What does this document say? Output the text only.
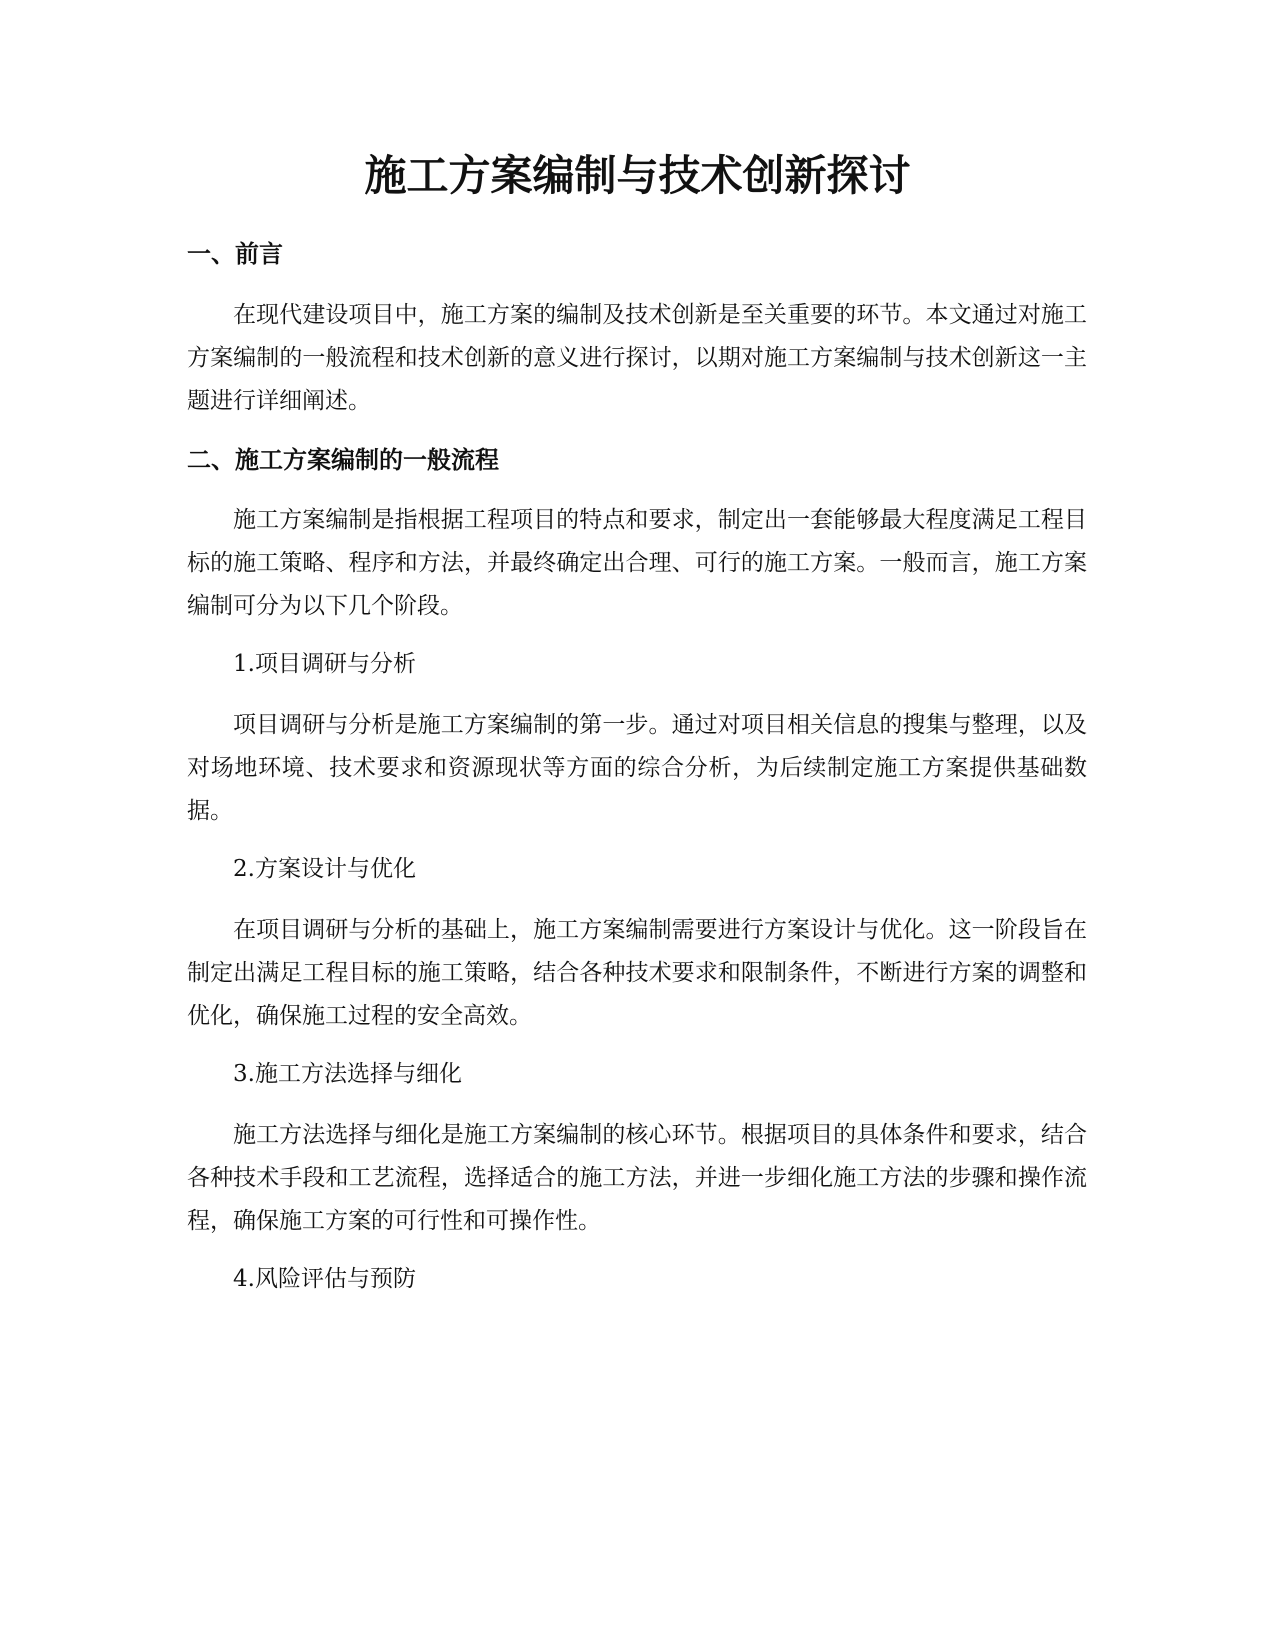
施工方案编制与技术创新探讨
一、前言

在现代建设项目中，施工方案的编制及技术创新是至关重要的环节。本文通过对施工方案编制的一般流程和技术创新的意义进行探讨，以期对施工方案编制与技术创新这一主题进行详细阐述。

二、施工方案编制的一般流程

施工方案编制是指根据工程项目的特点和要求，制定出一套能够最大程度满足工程目标的施工策略、程序和方法，并最终确定出合理、可行的施工方案。一般而言，施工方案编制可分为以下几个阶段。

1.项目调研与分析

项目调研与分析是施工方案编制的第一步。通过对项目相关信息的搜集与整理，以及对场地环境、技术要求和资源现状等方面的综合分析，为后续制定施工方案提供基础数据。

2.方案设计与优化

在项目调研与分析的基础上，施工方案编制需要进行方案设计与优化。这一阶段旨在制定出满足工程目标的施工策略，结合各种技术要求和限制条件，不断进行方案的调整和优化，确保施工过程的安全高效。

3.施工方法选择与细化

施工方法选择与细化是施工方案编制的核心环节。根据项目的具体条件和要求，结合各种技术手段和工艺流程，选择适合的施工方法，并进一步细化施工方法的步骤和操作流程，确保施工方案的可行性和可操作性。

4.风险评估与预防
